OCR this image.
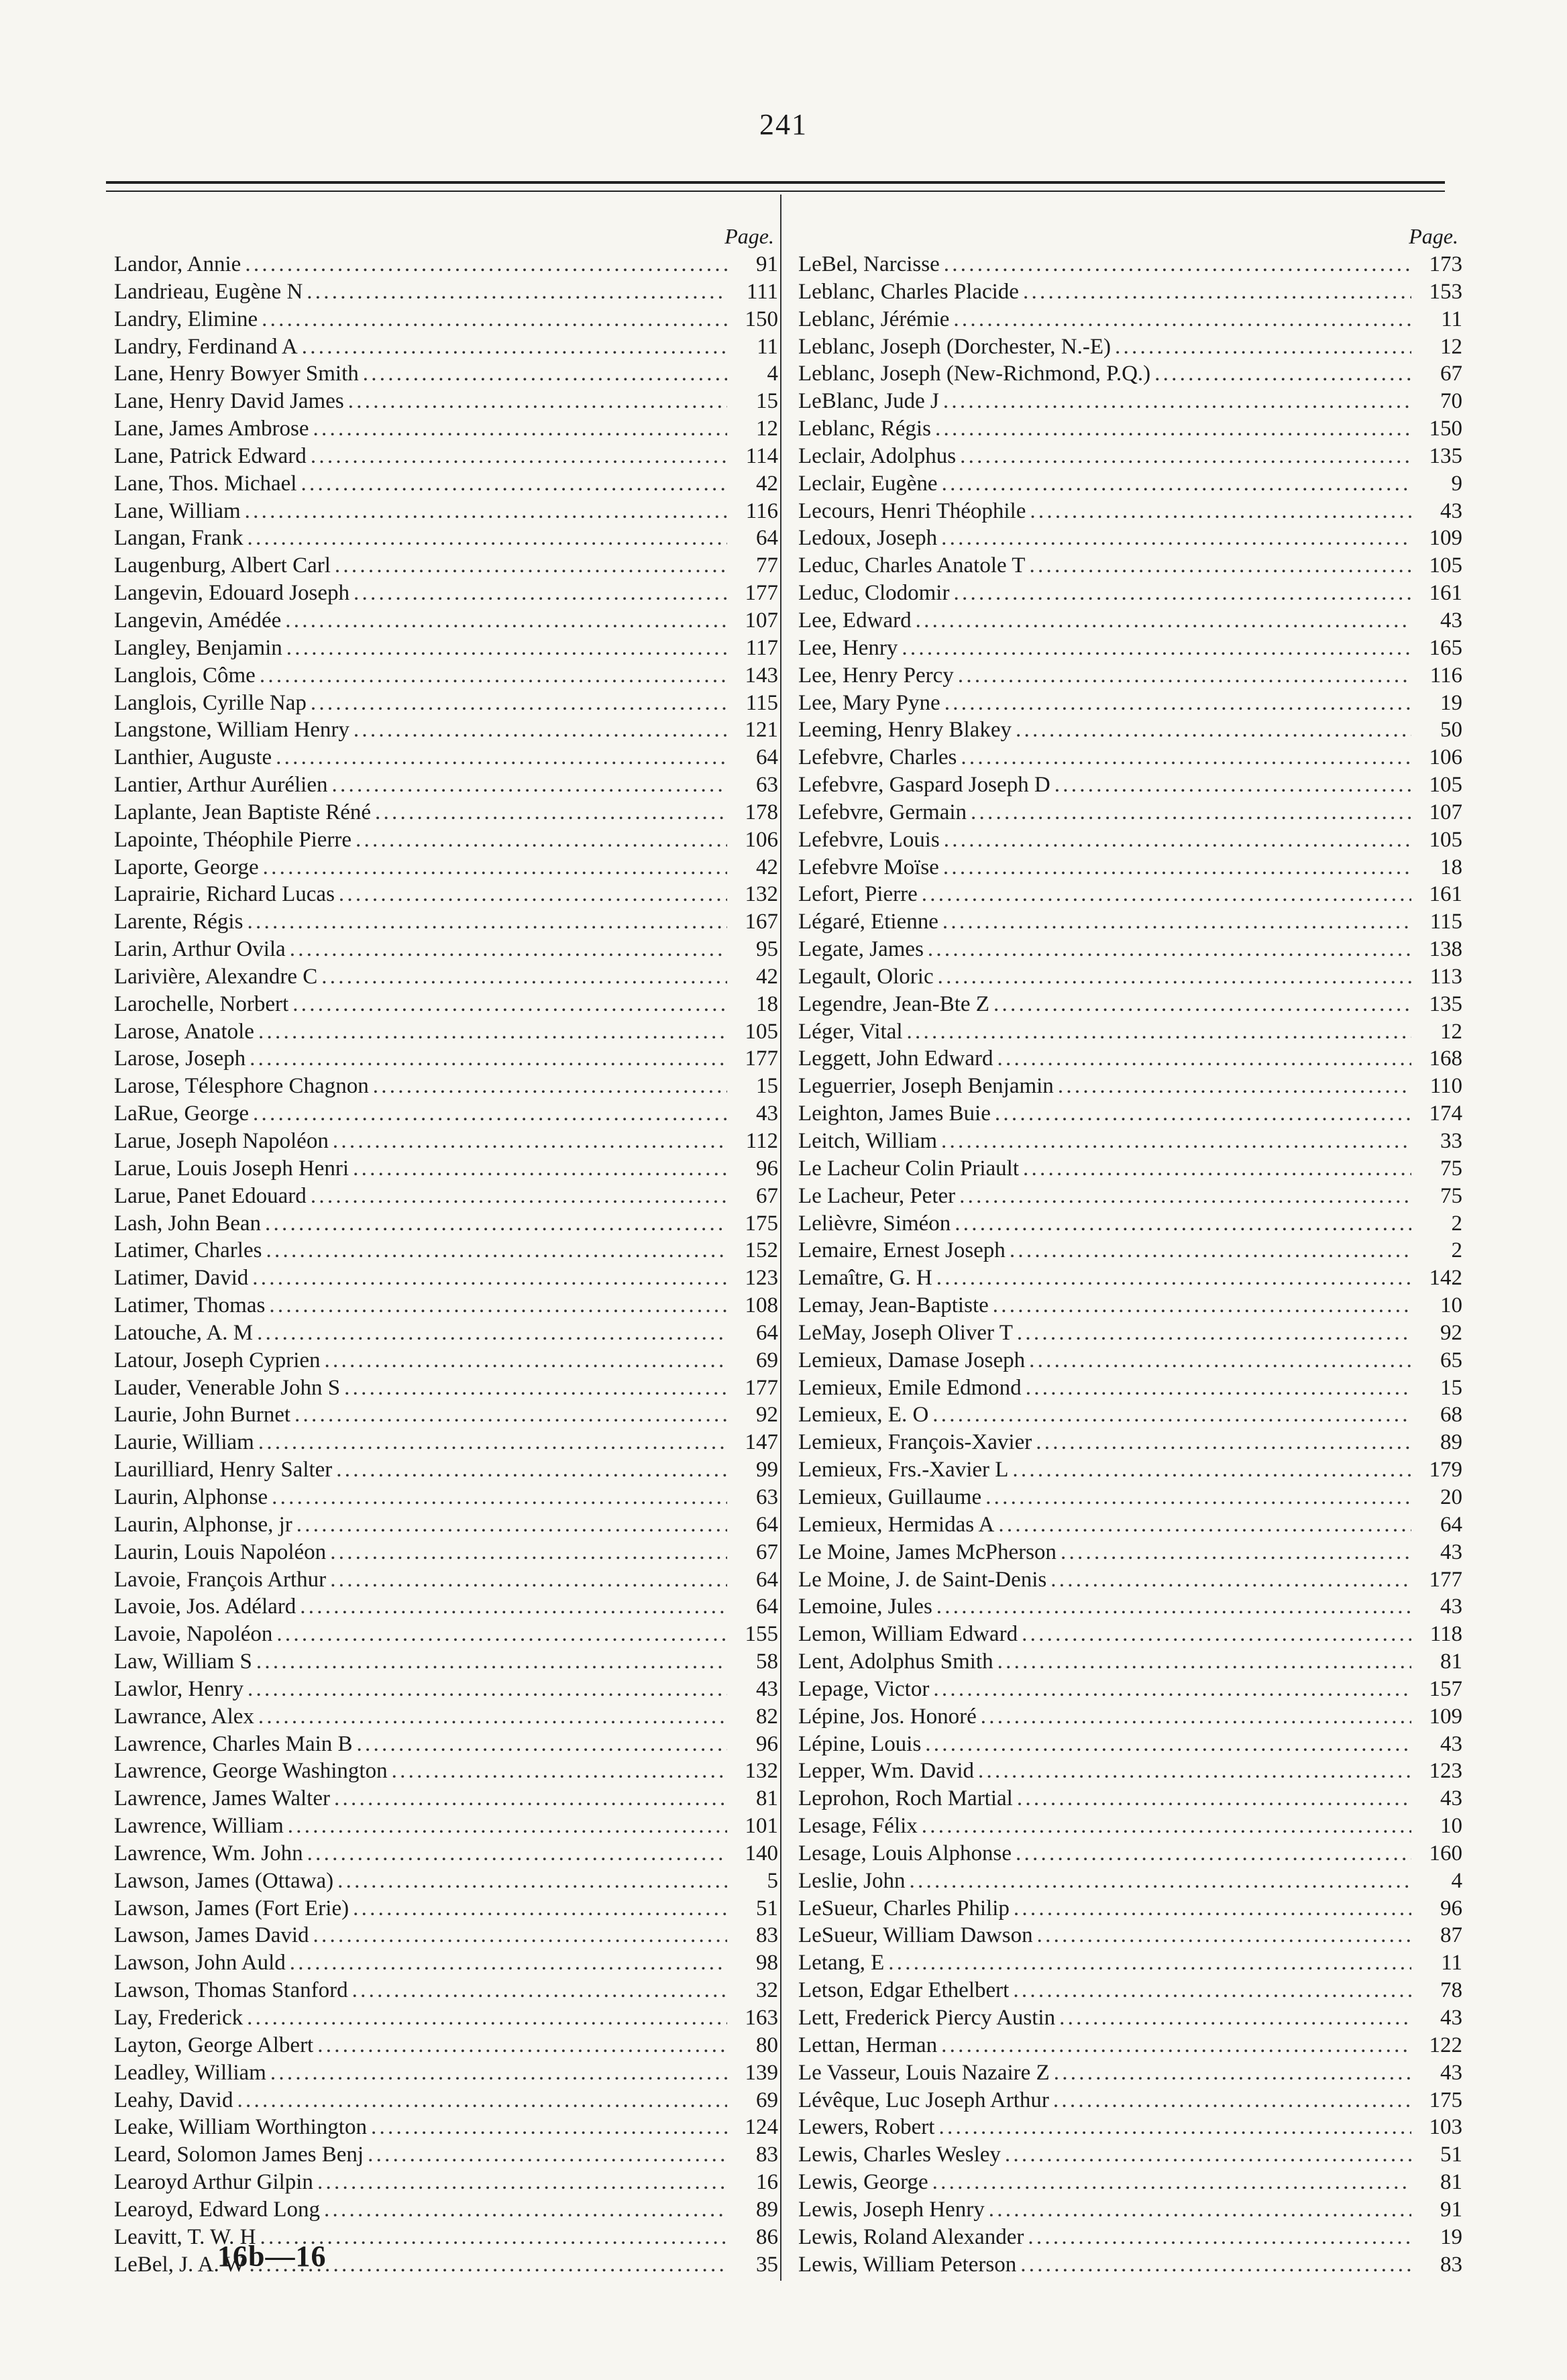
241
Page.
Landor, Annie . . .	91
Landrieau, Eugène N . . .	111
Landry, Elimine . . .	150
Landry, Ferdinand A . . .	11
Lane, Henry Bowyer Smith . . .	4
Lane, Henry David James . . .	15
Lane, James Ambrose . . .	12
Lane, Patrick Edward . . .	114
Lane, Thos. Michael . . .	42
Lane, William . . .	116
Langan, Frank . . .	64
Laugenburg, Albert Carl . . .	77
Langevin, Edouard Joseph . . .	177
Langevin, Amédée . . .	107
Langley, Benjamin . . .	117
Langlois, Côme . . .	143
Langlois, Cyrille Nap . . .	115
Langstone, William Henry . . .	121
Lanthier, Auguste . . .	64
Lantier, Arthur Aurélien . . .	63
Laplante, Jean Baptiste Réné . . .	178
Lapointe, Théophile Pierre . . .	106
Laporte, George . . .	42
Laprairie, Richard Lucas . . .	132
Larente, Régis . . .	167
Larin, Arthur Ovila . . .	95
Larivière, Alexandre C . . .	42
Larochelle, Norbert . . .	18
Larose, Anatole . . .	105
Larose, Joseph . . .	177
Larose, Télesphore Chagnon . . .	15
LaRue, George . . .	43
Larue, Joseph Napoléon . . .	112
Larue, Louis Joseph Henri . . .	96
Larue, Panet Edouard . . .	67
Lash, John Bean . . .	175
Latimer, Charles . . .	152
Latimer, David . . .	123
Latimer, Thomas . . .	108
Latouche, A. M . . .	64
Latour, Joseph Cyprien . . .	69
Lauder, Venerable John S . . .	177
Laurie, John Burnet . . .	92
Laurie, William . . .	147
Laurilliard, Henry Salter . . .	99
Laurin, Alphonse . . .	63
Laurin, Alphonse, jr . . .	64
Laurin, Louis Napoléon . . .	67
Lavoie, François Arthur . . .	64
Lavoie, Jos. Adélard . . .	64
Lavoie, Napoléon . . .	155
Law, William S . . .	58
Lawlor, Henry . . .	43
Lawrance, Alex . . .	82
Lawrence, Charles Main B . . .	96
Lawrence, George Washington . . .	132
Lawrence, James Walter . . .	81
Lawrence, William . . .	101
Lawrence, Wm. John . . .	140
Lawson, James (Ottawa) . . .	5
Lawson, James (Fort Erie) . . .	51
Lawson, James David . . .	83
Lawson, John Auld . . .	98
Lawson, Thomas Stanford . . .	32
Lay, Frederick . . .	163
Layton, George Albert . . .	80
Leadley, William . . .	139
Leahy, David . . .	69
Leake, William Worthington . . .	124
Leard, Solomon James Benj . . .	83
Learoyd Arthur Gilpin . . .	16
Learoyd, Edward Long . . .	89
Leavitt, T. W. H . . .	86
LeBel, J. A. W . . .	35
Page.
LeBel, Narcisse . . .	173
Leblanc, Charles Placide . . .	153
Leblanc, Jérémie . . .	11
Leblanc, Joseph (Dorchester, N.-E) . . .	12
Leblanc, Joseph (New-Richmond, P.Q.) . . .	67
LeBlanc, Jude J . . .	70
Leblanc, Régis . . .	150
Leclair, Adolphus . . .	135
Leclair, Eugène . . .	9
Lecours, Henri Théophile . . .	43
Ledoux, Joseph . . .	109
Leduc, Charles Anatole T . . .	105
Leduc, Clodomir . . .	161
Lee, Edward . . .	43
Lee, Henry . . .	165
Lee, Henry Percy . . .	116
Lee, Mary Pyne . . .	19
Leeming, Henry Blakey . . .	50
Lefebvre, Charles . . .	106
Lefebvre, Gaspard Joseph D . . .	105
Lefebvre, Germain . . .	107
Lefebvre, Louis . . .	105
Lefebvre Moïse . . .	18
Lefort, Pierre . . .	161
Légaré, Etienne . . .	115
Legate, James . . .	138
Legault, Oloric . . .	113
Legendre, Jean-Bte Z . . .	135
Léger, Vital . . .	12
Leggett, John Edward . . .	168
Leguerrier, Joseph Benjamin . . .	110
Leighton, James Buie . . .	174
Leitch, William . . .	33
Le Lacheur Colin Priault . . .	75
Le Lacheur, Peter . . .	75
Lelièvre, Siméon . . .	2
Lemaire, Ernest Joseph . . .	2
Lemaître, G. H . . .	142
Lemay, Jean-Baptiste . . .	10
LeMay, Joseph Oliver T . . .	92
Lemieux, Damase Joseph . . .	65
Lemieux, Emile Edmond . . .	15
Lemieux, E. O . . .	68
Lemieux, François-Xavier . . .	89
Lemieux, Frs.-Xavier L . . .	179
Lemieux, Guillaume . . .	20
Lemieux, Hermidas A . . .	64
Le Moine, James McPherson . . .	43
Le Moine, J. de Saint-Denis . . .	177
Lemoine, Jules . . .	43
Lemon, William Edward . . .	118
Lent, Adolphus Smith . . .	81
Lepage, Victor . . .	157
Lépine, Jos. Honoré . . .	109
Lépine, Louis . . .	43
Lepper, Wm. David . . .	123
Leprohon, Roch Martial . . .	43
Lesage, Félix . . .	10
Lesage, Louis Alphonse . . .	160
Leslie, John . . .	4
LeSueur, Charles Philip . . .	96
LeSueur, William Dawson . . .	87
Letang, E . . .	11
Letson, Edgar Ethelbert . . .	78
Lett, Frederick Piercy Austin . . .	43
Lettan, Herman . . .	122
Le Vasseur, Louis Nazaire Z . . .	43
Lévêque, Luc Joseph Arthur . . .	175
Lewers, Robert . . .	103
Lewis, Charles Wesley . . .	51
Lewis, George . . .	81
Lewis, Joseph Henry . . .	91
Lewis, Roland Alexander . . .	19
Lewis, William Peterson . . .	83
16b—16
